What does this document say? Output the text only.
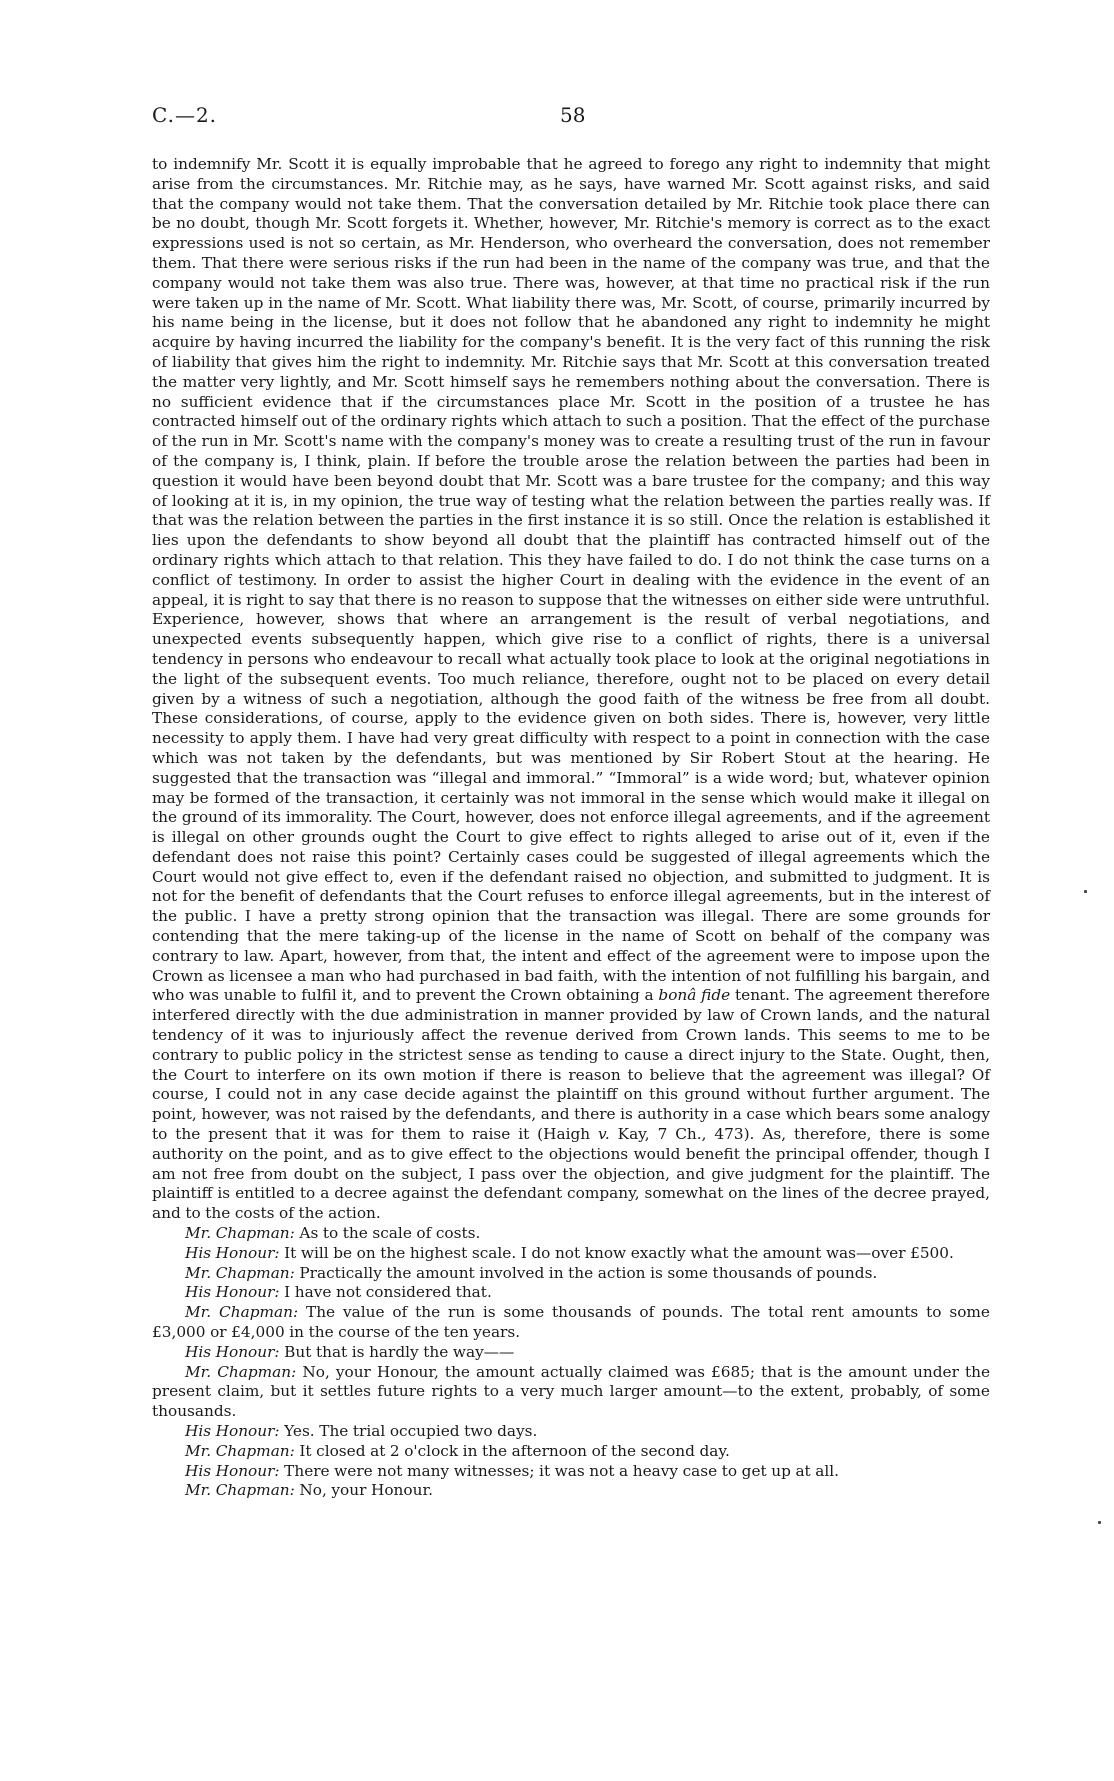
C.—2.	58

to indemnify Mr. Scott it is equally improbable that he agreed to forego any right to indemnity that might arise from the circumstances. Mr. Ritchie may, as he says, have warned Mr. Scott against risks, and said that the company would not take them. That the conversation detailed by Mr. Ritchie took place there can be no doubt, though Mr. Scott forgets it. Whether, however, Mr. Ritchie's memory is correct as to the exact expressions used is not so certain, as Mr. Henderson, who overheard the conversation, does not remember them. That there were serious risks if the run had been in the name of the company was true, and that the company would not take them was also true. There was, however, at that time no practical risk if the run were taken up in the name of Mr. Scott. What liability there was, Mr. Scott, of course, primarily incurred by his name being in the license, but it does not follow that he abandoned any right to indemnity he might acquire by having incurred the liability for the company's benefit. It is the very fact of this running the risk of liability that gives him the right to indemnity. Mr. Ritchie says that Mr. Scott at this conversation treated the matter very lightly, and Mr. Scott himself says he remembers nothing about the conversation. There is no sufficient evidence that if the circumstances place Mr. Scott in the position of a trustee he has contracted himself out of the ordinary rights which attach to such a position. That the effect of the purchase of the run in Mr. Scott's name with the company's money was to create a resulting trust of the run in favour of the company is, I think, plain. If before the trouble arose the relation between the parties had been in question it would have been beyond doubt that Mr. Scott was a bare trustee for the company; and this way of looking at it is, in my opinion, the true way of testing what the relation between the parties really was. If that was the relation between the parties in the first instance it is so still. Once the relation is established it lies upon the defendants to show beyond all doubt that the plaintiff has contracted himself out of the ordinary rights which attach to that relation. This they have failed to do. I do not think the case turns on a conflict of testimony. In order to assist the higher Court in dealing with the evidence in the event of an appeal, it is right to say that there is no reason to suppose that the witnesses on either side were untruthful. Experience, however, shows that where an arrangement is the result of verbal negotiations, and unexpected events subsequently happen, which give rise to a conflict of rights, there is a universal tendency in persons who endeavour to recall what actually took place to look at the original negotiations in the light of the subsequent events. Too much reliance, therefore, ought not to be placed on every detail given by a witness of such a negotiation, although the good faith of the witness be free from all doubt. These considerations, of course, apply to the evidence given on both sides. There is, however, very little necessity to apply them. I have had very great difficulty with respect to a point in connection with the case which was not taken by the defendants, but was mentioned by Sir Robert Stout at the hearing. He suggested that the transaction was “illegal and immoral.” “Immoral” is a wide word; but, whatever opinion may be formed of the transaction, it certainly was not immoral in the sense which would make it illegal on the ground of its immorality. The Court, however, does not enforce illegal agreements, and if the agreement is illegal on other grounds ought the Court to give effect to rights alleged to arise out of it, even if the defendant does not raise this point? Certainly cases could be suggested of illegal agreements which the Court would not give effect to, even if the defendant raised no objection, and submitted to judgment. It is not for the benefit of defendants that the Court refuses to enforce illegal agreements, but in the interest of the public. I have a pretty strong opinion that the transaction was illegal. There are some grounds for contending that the mere taking-up of the license in the name of Scott on behalf of the company was contrary to law. Apart, however, from that, the intent and effect of the agreement were to impose upon the Crown as licensee a man who had purchased in bad faith, with the intention of not fulfilling his bargain, and who was unable to fulfil it, and to prevent the Crown obtaining a bonâ fide tenant. The agreement therefore interfered directly with the due administration in manner provided by law of Crown lands, and the natural tendency of it was to injuriously affect the revenue derived from Crown lands. This seems to me to be contrary to public policy in the strictest sense as tending to cause a direct injury to the State. Ought, then, the Court to interfere on its own motion if there is reason to believe that the agreement was illegal? Of course, I could not in any case decide against the plaintiff on this ground without further argument. The point, however, was not raised by the defendants, and there is authority in a case which bears some analogy to the present that it was for them to raise it (Haigh v. Kay, 7 Ch., 473). As, therefore, there is some authority on the point, and as to give effect to the objections would benefit the principal offender, though I am not free from doubt on the subject, I pass over the objection, and give judgment for the plaintiff. The plaintiff is entitled to a decree against the defendant company, somewhat on the lines of the decree prayed, and to the costs of the action.

Mr. Chapman: As to the scale of costs.

His Honour: It will be on the highest scale. I do not know exactly what the amount was—over £500.

Mr. Chapman: Practically the amount involved in the action is some thousands of pounds.

His Honour: I have not considered that.

Mr. Chapman: The value of the run is some thousands of pounds. The total rent amounts to some £3,000 or £4,000 in the course of the ten years.

His Honour: But that is hardly the way——

Mr. Chapman: No, your Honour, the amount actually claimed was £685; that is the amount under the present claim, but it settles future rights to a very much larger amount—to the extent, probably, of some thousands.

His Honour: Yes. The trial occupied two days.

Mr. Chapman: It closed at 2 o'clock in the afternoon of the second day.

His Honour: There were not many witnesses; it was not a heavy case to get up at all.

Mr. Chapman: No, your Honour.
